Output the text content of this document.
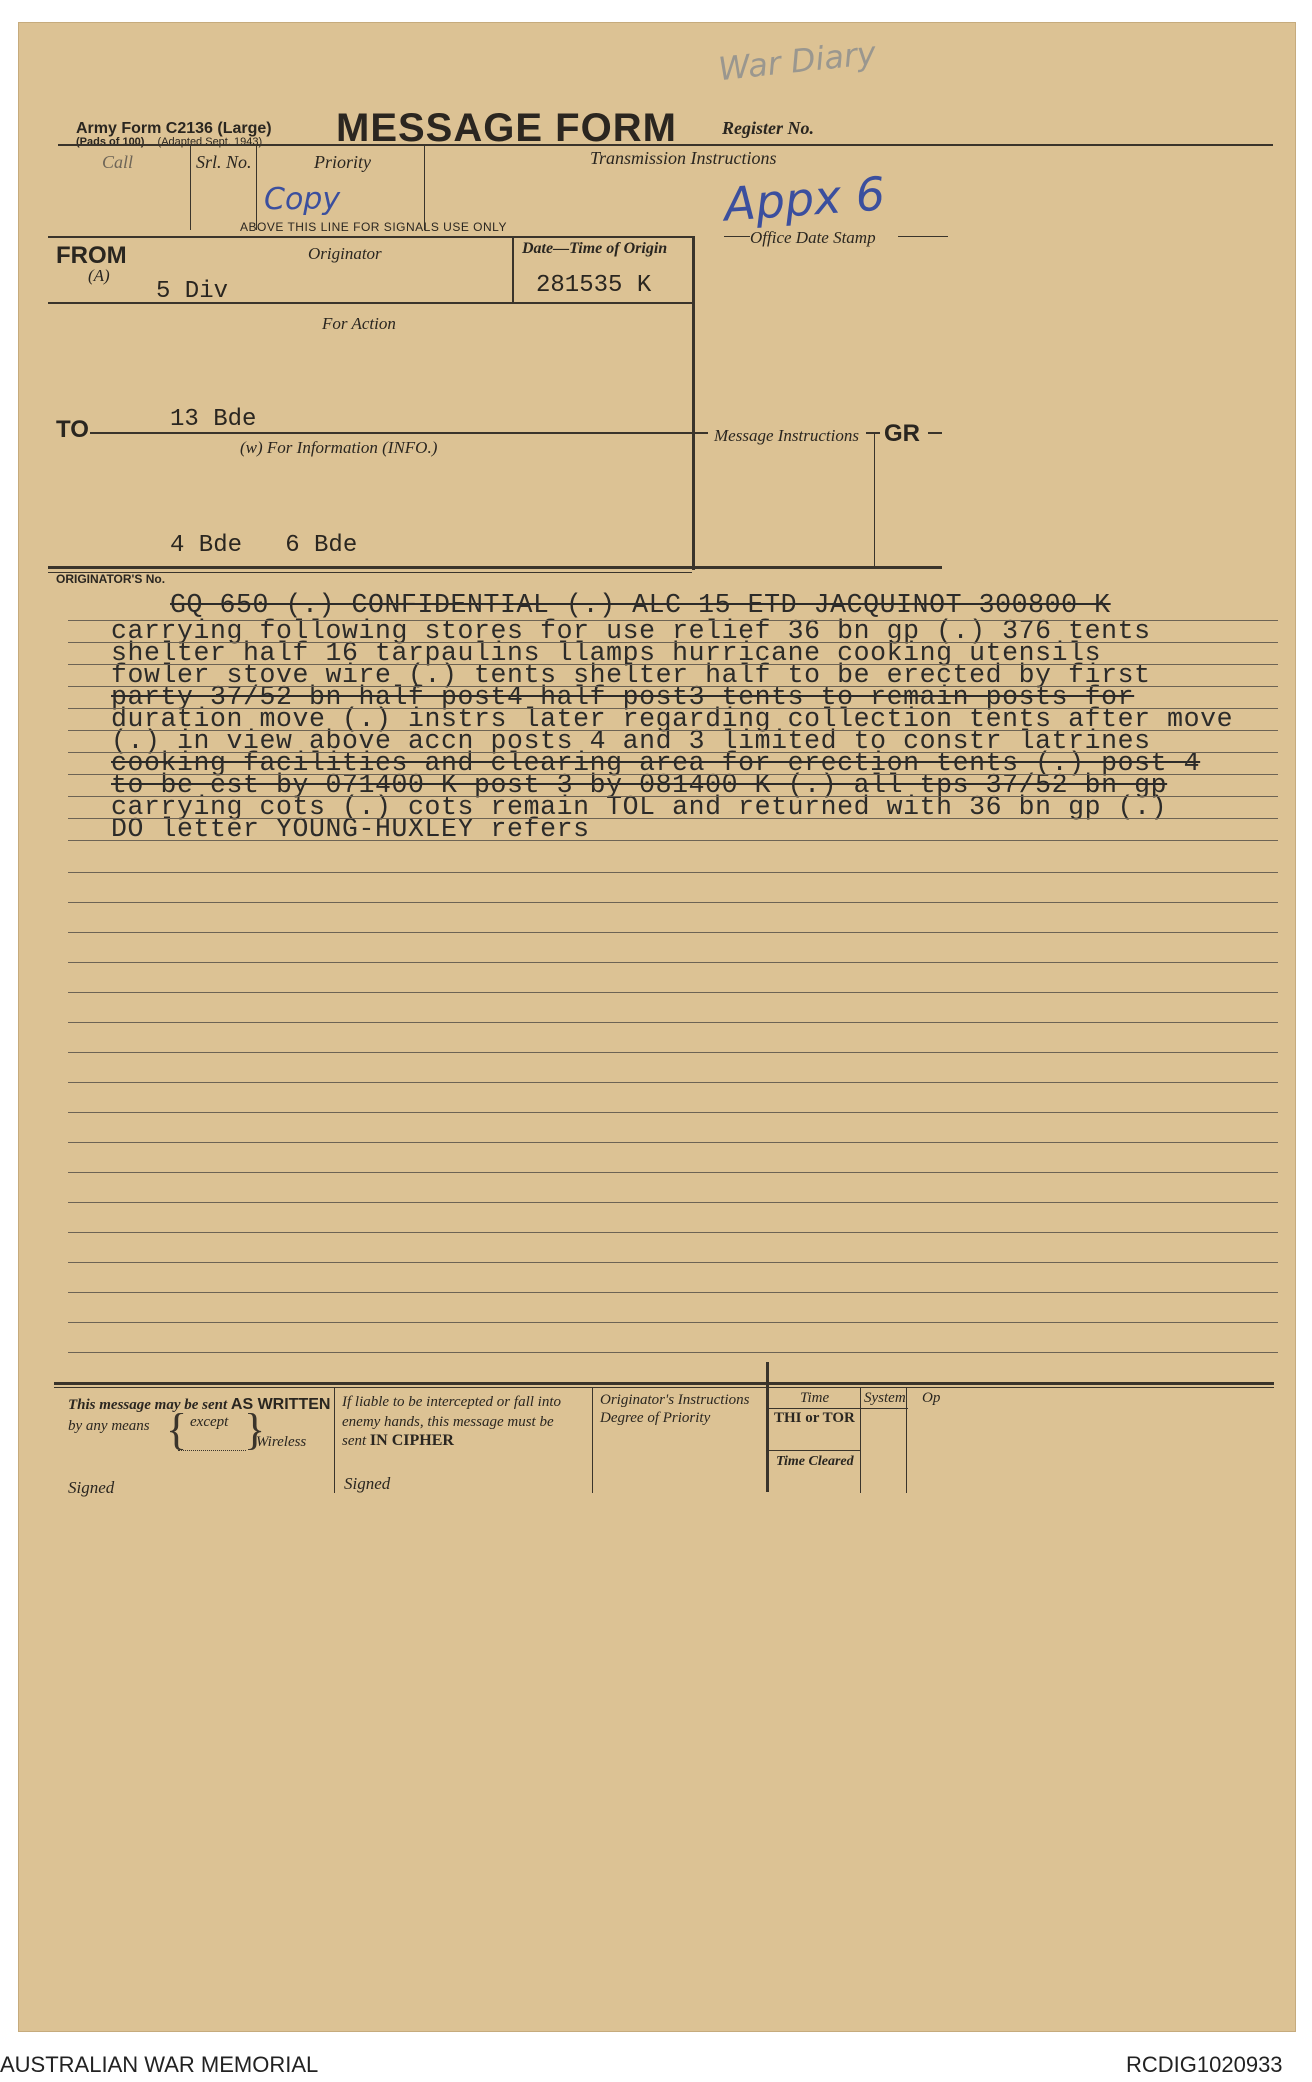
Army Form C2136 (Large)
(Pads of 100) (Adapted Sept. 1943) MESSAGE FORM	Register No.
War Diary
Call	Srl. No.	Priority	Transmission Instructions
Copy	Appx 6
ABOVE THIS LINE FOR SIGNALS USE ONLY
Office Date Stamp
FROM
(A)
Originator
5 Div
Date—Time of Origin
281535 K
For Action
TO	13 Bde
(w) For Information (INFO.)
4 Bde   6 Bde
Message Instructions GR
ORIGINATOR'S No.
GQ 650 (.) CONFIDENTIAL (.) ALC 15 ETD JACQUINOT 300800 K
carrying following stores for use relief 36 bn gp (.) 376 tents
shelter half 16 tarpaulins llamps hurricane cooking utensils
fowler stove wire (.) tents shelter half to be erected by first
party 37/52 bn half post4 half post3 tents to remain posts for
duration move (.) instrs later regarding collection tents after move
(.) in view above accn posts 4 and 3 limited to constr latrines
cooking facilities and clearing area for erection tents (.) post 4
to be est by 071400 K post 3 by 081400 K (.) all tps 37/52 bn gp
carrying cots (.) cots remain TOL and returned with 36 bn gp (.)
DO letter YOUNG-HUXLEY refers
This message may be sent AS WRITTEN
by any means	except
{ }
Wireless
Signed
If liable to be intercepted or fall into
enemy hands, this message must be
sent IN CIPHER
Signed
Originator's Instructions
Degree of Priority
Time
THI or TOR
System Op
Time Cleared
AUSTRALIAN WAR MEMORIAL	RCDIG1020933
